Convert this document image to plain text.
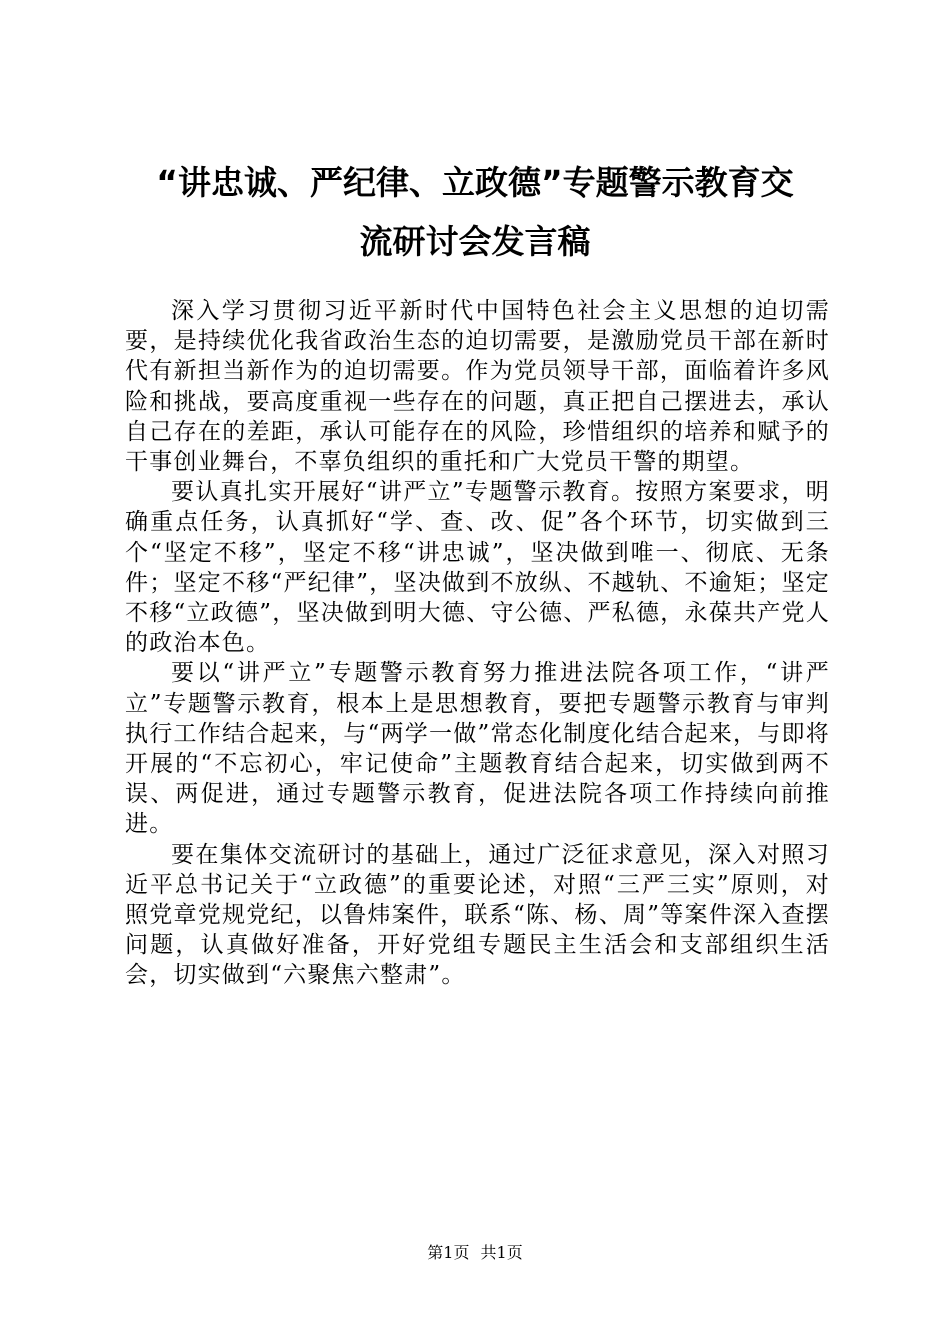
“讲忠诚、严纪律、立政德”专题警示教育交
流研讨会发言稿

深入学习贯彻习近平新时代中国特色社会主义思想的迫切需要，是持续优化我省政治生态的迫切需要，是激励党员干部在新时代有新担当新作为的迫切需要。作为党员领导干部，面临着许多风险和挑战，要高度重视一些存在的问题，真正把自己摆进去，承认自己存在的差距，承认可能存在的风险，珍惜组织的培养和赋予的干事创业舞台，不辜负组织的重托和广大党员干警的期望。

要认真扎实开展好“讲严立”专题警示教育。按照方案要求，明确重点任务，认真抓好“学、查、改、促”各个环节，切实做到三个“坚定不移”，坚定不移“讲忠诚”，坚决做到唯一、彻底、无条件；坚定不移“严纪律”，坚决做到不放纵、不越轨、不逾矩；坚定不移“立政德”，坚决做到明大德、守公德、严私德，永葆共产党人的政治本色。

要以“讲严立”专题警示教育努力推进法院各项工作，“讲严立”专题警示教育，根本上是思想教育，要把专题警示教育与审判执行工作结合起来，与“两学一做”常态化制度化结合起来，与即将开展的“不忘初心，牢记使命”主题教育结合起来，切实做到两不误、两促进，通过专题警示教育，促进法院各项工作持续向前推进。

要在集体交流研讨的基础上，通过广泛征求意见，深入对照习近平总书记关于“立政德”的重要论述，对照“三严三实”原则，对照党章党规党纪，以鲁炜案件，联系“陈、杨、周”等案件深入查摆问题，认真做好准备，开好党组专题民主生活会和支部组织生活会，切实做到“六聚焦六整肃”。

第1页 共1页
